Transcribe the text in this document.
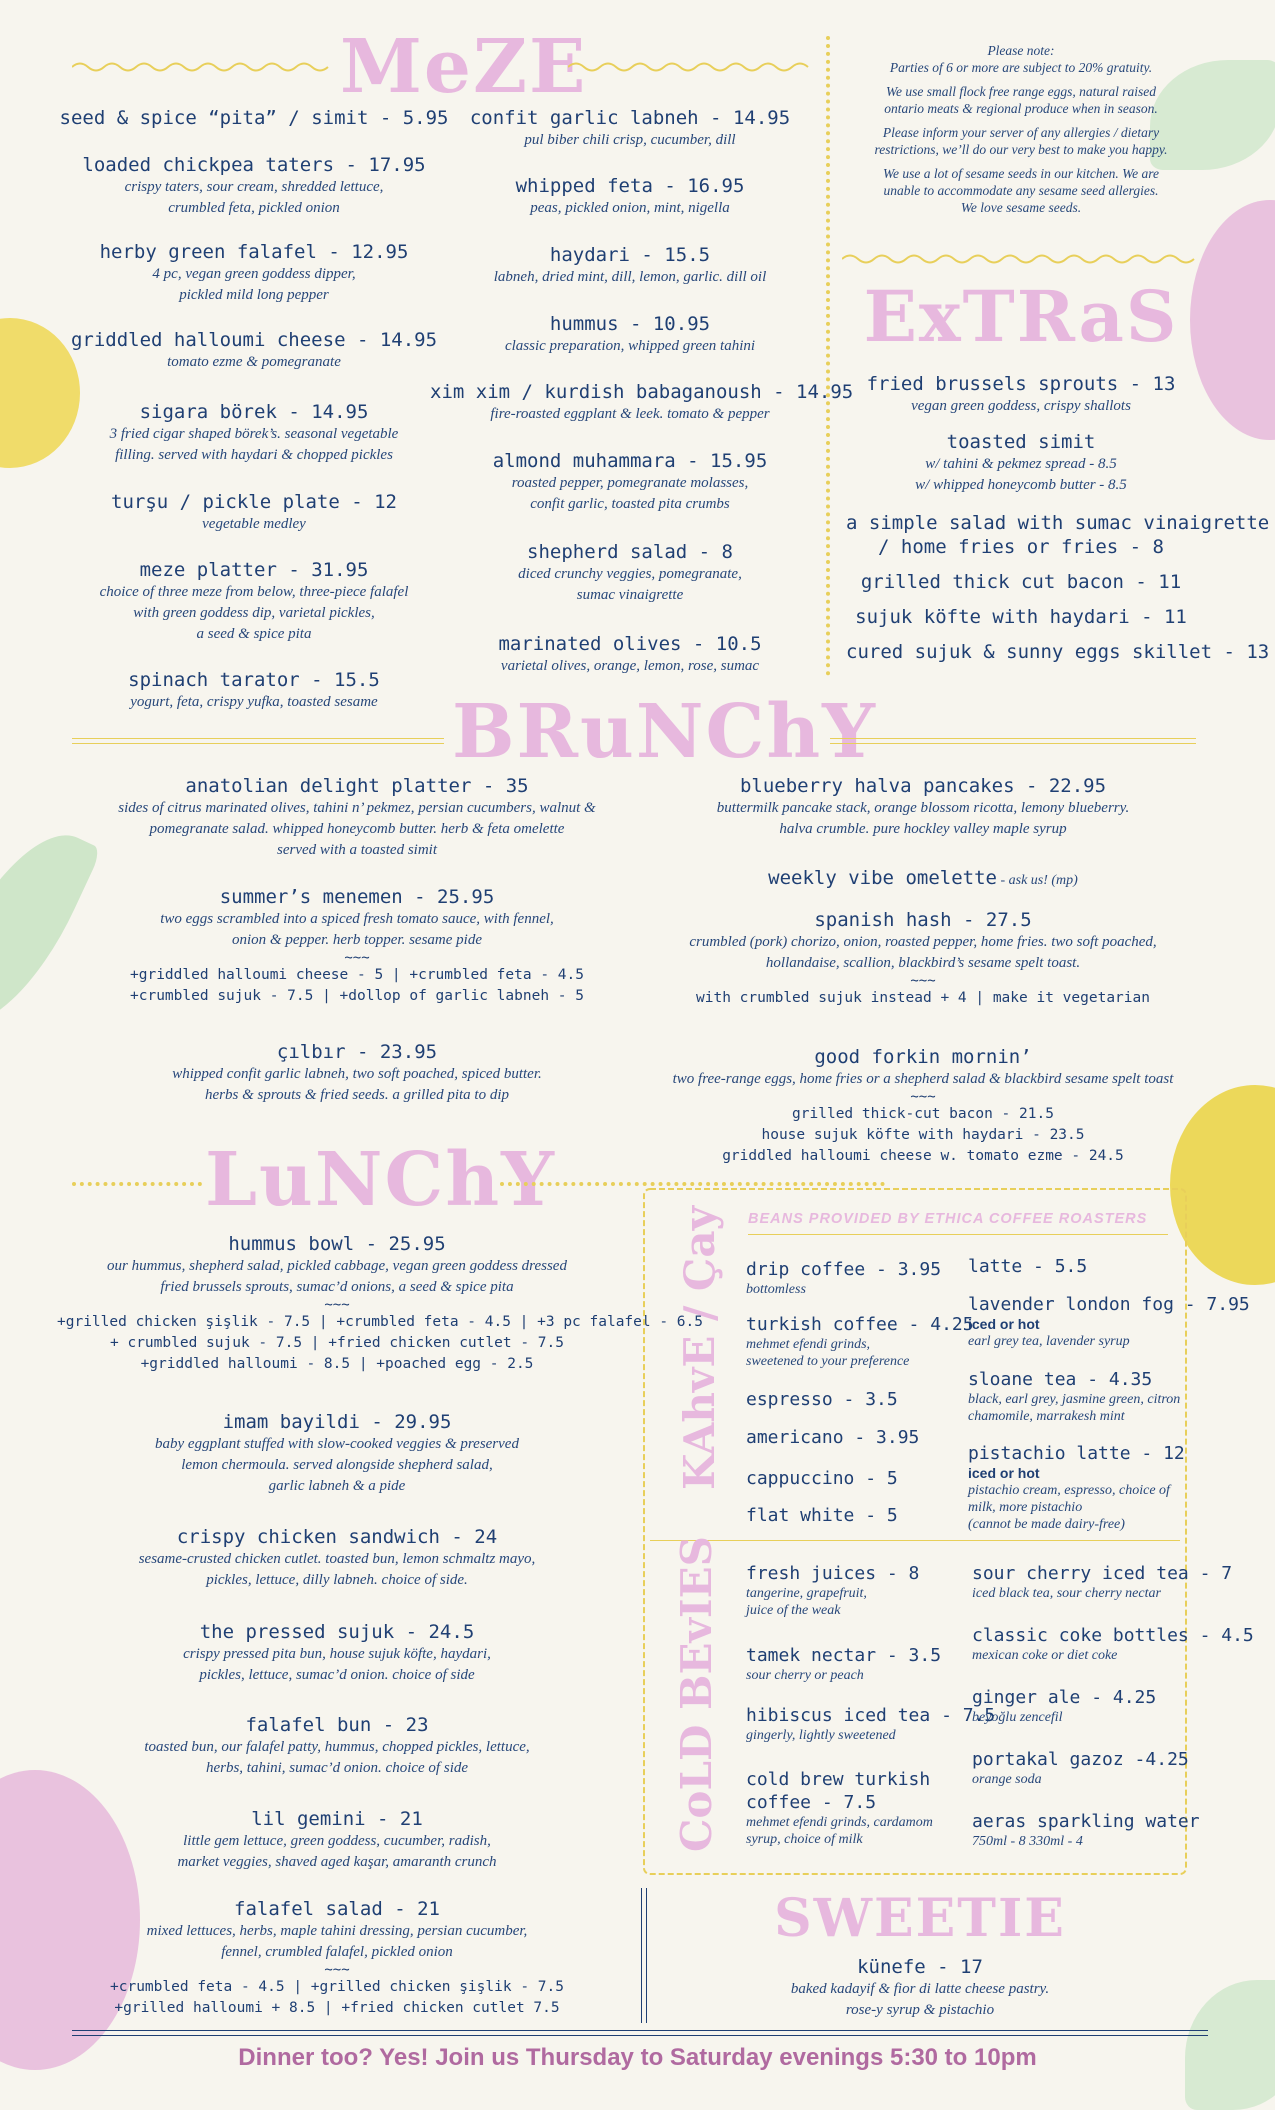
MeZE
seed & spice “pita” / simit - 5.95
loaded chickpea taters - 17.95
crispy taters, sour cream, shredded lettuce,
crumbled feta, pickled onion
herby green falafel - 12.95
4 pc, vegan green goddess dipper,
pickled mild long pepper
griddled halloumi cheese - 14.95
tomato ezme & pomegranate
sigara börek - 14.95
3 fried cigar shaped börek’s. seasonal vegetable
filling. served with haydari & chopped pickles
turşu / pickle plate - 12
vegetable medley
meze platter - 31.95
choice of three meze from below, three-piece falafel
with green goddess dip, varietal pickles,
a seed & spice pita
spinach tarator - 15.5
yogurt, feta, crispy yufka, toasted sesame
confit garlic labneh - 14.95
pul biber chili crisp, cucumber, dill
whipped feta - 16.95
peas, pickled onion, mint, nigella
haydari - 15.5
labneh, dried mint, dill, lemon, garlic. dill oil
hummus - 10.95
classic preparation, whipped green tahini
xim xim / kurdish babaganoush - 14.95
fire-roasted eggplant & leek. tomato & pepper
almond muhammara - 15.95
roasted pepper, pomegranate molasses,
confit garlic, toasted pita crumbs
shepherd salad - 8
diced crunchy veggies, pomegranate,
sumac vinaigrette
marinated olives - 10.5
varietal olives, orange, lemon, rose, sumac
Please note:
Parties of 6 or more are subject to 20% gratuity.
We use small flock free range eggs, natural raised
ontario meats & regional produce when in season.
Please inform your server of any allergies / dietary
restrictions, we’ll do our very best to make you happy.
We use a lot of sesame seeds in our kitchen. We are
unable to accommodate any sesame seed allergies.
We love sesame seeds.
ExTRaS
fried brussels sprouts - 13
vegan green goddess, crispy shallots
toasted simit
w/ tahini & pekmez spread - 8.5
w/ whipped honeycomb butter - 8.5
a simple salad with sumac vinaigrette
/ home fries or fries - 8
grilled thick cut bacon - 11
sujuk köfte with haydari - 11
cured sujuk & sunny eggs skillet - 13
BRuNChY
anatolian delight platter - 35
sides of citrus marinated olives, tahini n’ pekmez, persian cucumbers, walnut &
pomegranate salad. whipped honeycomb butter. herb & feta omelette
served with a toasted simit
summer’s menemen - 25.95
two eggs scrambled into a spiced fresh tomato sauce, with fennel,
onion & pepper. herb topper. sesame pide
~~~
+griddled halloumi cheese - 5 | +crumbled feta - 4.5
+crumbled sujuk - 7.5 | +dollop of garlic labneh - 5
çılbır - 23.95
whipped confit garlic labneh, two soft poached, spiced butter.
herbs & sprouts & fried seeds. a grilled pita to dip
blueberry halva pancakes - 22.95
buttermilk pancake stack, orange blossom ricotta, lemony blueberry.
halva crumble. pure hockley valley maple syrup
weekly vibe omelette - ask us! (mp)
spanish hash - 27.5
crumbled (pork) chorizo, onion, roasted pepper, home fries. two soft poached,
hollandaise, scallion, blackbird’s sesame spelt toast.
~~~
with crumbled sujuk instead + 4 | make it vegetarian
good forkin mornin’
two free-range eggs, home fries or a shepherd salad & blackbird sesame spelt toast
~~~
grilled thick-cut bacon - 21.5
house sujuk köfte with haydari - 23.5
griddled halloumi cheese w. tomato ezme - 24.5
LuNChY
hummus bowl - 25.95
our hummus, shepherd salad, pickled cabbage, vegan green goddess dressed
fried brussels sprouts, sumac’d onions, a seed & spice pita
~~~
+grilled chicken şişlik - 7.5 | +crumbled feta - 4.5 | +3 pc falafel - 6.5
+ crumbled sujuk - 7.5 | +fried chicken cutlet - 7.5
+griddled halloumi - 8.5 | +poached egg - 2.5
imam bayildi - 29.95
baby eggplant stuffed with slow-cooked veggies & preserved
lemon chermoula. served alongside shepherd salad,
garlic labneh & a pide
crispy chicken sandwich - 24
sesame-crusted chicken cutlet. toasted bun, lemon schmaltz mayo,
pickles, lettuce, dilly labneh. choice of side.
the pressed sujuk - 24.5
crispy pressed pita bun, house sujuk köfte, haydari,
pickles, lettuce, sumac’d onion. choice of side
falafel bun - 23
toasted bun, our falafel patty, hummus, chopped pickles, lettuce,
herbs, tahini, sumac’d onion. choice of side
lil gemini - 21
little gem lettuce, green goddess, cucumber, radish,
market veggies, shaved aged kaşar, amaranth crunch
falafel salad - 21
mixed lettuces, herbs, maple tahini dressing, persian cucumber,
fennel, crumbled falafel, pickled onion
~~~
+crumbled feta - 4.5 | +grilled chicken şişlik - 7.5
+grilled halloumi + 8.5 | +fried chicken cutlet 7.5
KAhvE / Çay BEANS PROVIDED BY ETHICA COFFEE ROASTERS
drip coffee - 3.95
bottomless
turkish coffee - 4.25
mehmet efendi grinds,
sweetened to your preference
espresso - 3.5
americano - 3.95
cappuccino - 5
flat white - 5
latte - 5.5
lavender london fog - 7.95
iced or hot
earl grey tea, lavender syrup
sloane tea - 4.35
black, earl grey, jasmine green, citron
chamomile, marrakesh mint
pistachio latte - 12
iced or hot
pistachio cream, espresso, choice of
milk, more pistachio
(cannot be made dairy-free)
CoLD BEvIES fresh juices - 8
tangerine, grapefruit,
juice of the weak
tamek nectar - 3.5
sour cherry or peach
hibiscus iced tea - 7.5
gingerly, lightly sweetened
cold brew turkish
coffee - 7.5
mehmet efendi grinds, cardamom
syrup, choice of milk
sour cherry iced tea - 7
iced black tea, sour cherry nectar
classic coke bottles - 4.5
mexican coke or diet coke
ginger ale - 4.25
beyoğlu zencefil
portakal gazoz -4.25
orange soda
aeras sparkling water
750ml - 8 330ml - 4
SWEETIE
künefe - 17
baked kadayif & fior di latte cheese pastry.
rose-y syrup & pistachio
Dinner too? Yes! Join us Thursday to Saturday evenings 5:30 to 10pm
